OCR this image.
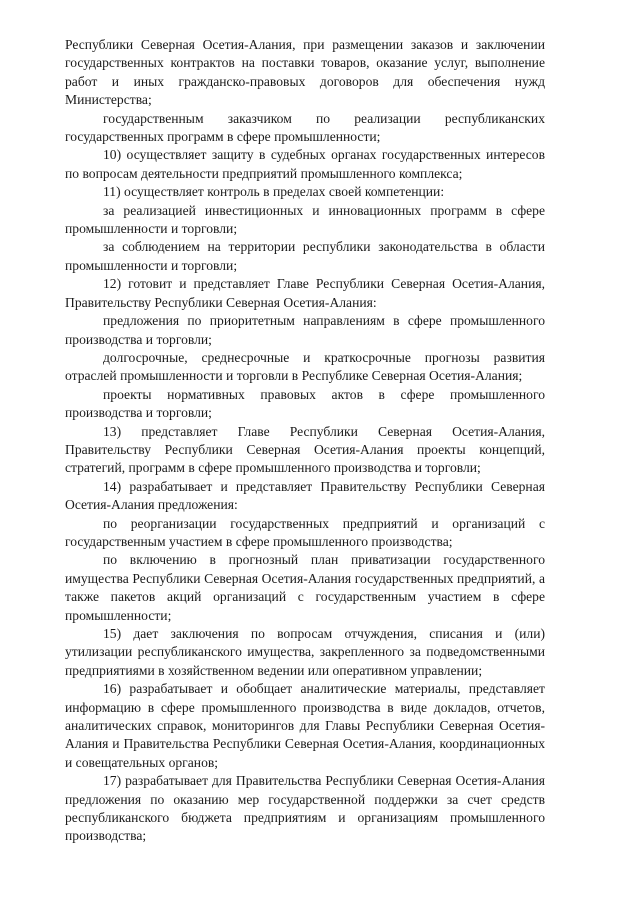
Республики Северная Осетия-Алания, при размещении заказов и заключении государственных контрактов на поставки товаров, оказание услуг, выполнение работ и иных гражданско-правовых договоров для обеспечения нужд Министерства;

государственным заказчиком по реализации республиканских государственных программ в сфере промышленности;

10) осуществляет защиту в судебных органах государственных интересов по вопросам деятельности предприятий промышленного комплекса;

11) осуществляет контроль в пределах своей компетенции:

за реализацией инвестиционных и инновационных программ в сфере промышленности и торговли;

за соблюдением на территории республики законодательства в области промышленности и торговли;

12) готовит и представляет Главе Республики Северная Осетия-Алания, Правительству Республики Северная Осетия-Алания:

предложения по приоритетным направлениям в сфере промышленного производства и торговли;

долгосрочные, среднесрочные и краткосрочные прогнозы развития отраслей промышленности и торговли в Республике Северная Осетия-Алания;

проекты нормативных правовых актов в сфере промышленного производства и торговли;

13) представляет Главе Республики Северная Осетия-Алания, Правительству Республики Северная Осетия-Алания проекты концепций, стратегий, программ в сфере промышленного производства и торговли;

14) разрабатывает и представляет Правительству Республики Северная Осетия-Алания предложения:

по реорганизации государственных предприятий и организаций с государственным участием в сфере промышленного производства;

по включению в прогнозный план приватизации государственного имущества Республики Северная Осетия-Алания государственных предприятий, а также пакетов акций организаций с государственным участием в сфере промышленности;

15) дает заключения по вопросам отчуждения, списания и (или) утилизации республиканского имущества, закрепленного за подведомственными предприятиями в хозяйственном ведении или оперативном управлении;

16) разрабатывает и обобщает аналитические материалы, представляет информацию в сфере промышленного производства в виде докладов, отчетов, аналитических справок, мониторингов для Главы Республики Северная Осетия-Алания и Правительства Республики Северная Осетия-Алания, координационных и совещательных органов;

17) разрабатывает для Правительства Республики Северная Осетия-Алания предложения по оказанию мер государственной поддержки за счет средств республиканского бюджета предприятиям и организациям промышленного производства;
